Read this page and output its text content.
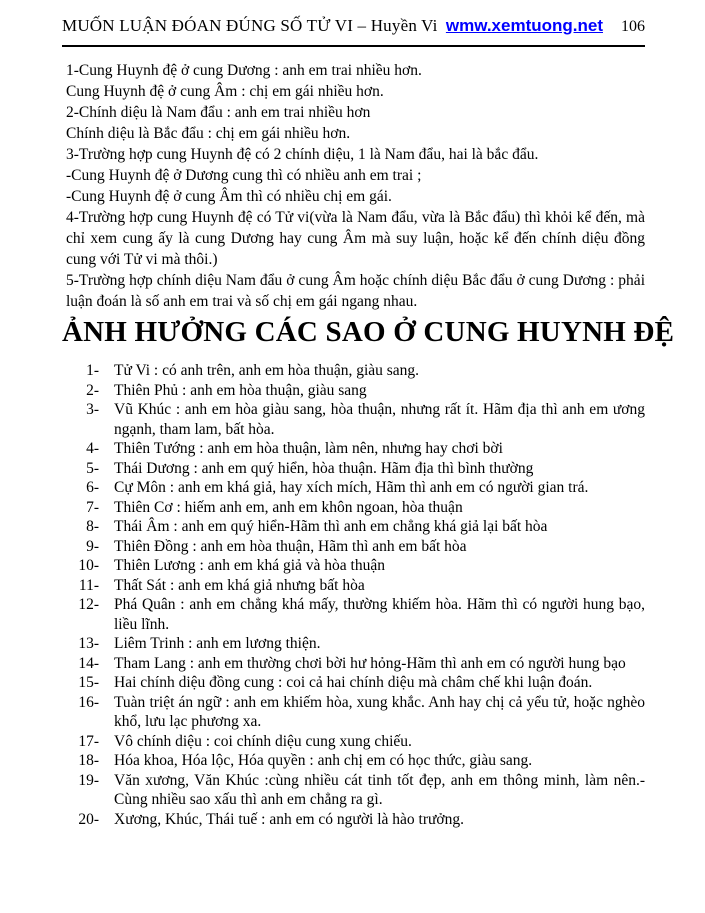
MUỐN LUẬN ĐÓAN ĐÚNG SỐ TỬ VI – Huyền Vi wmw.xemtuong.net 106

1-Cung Huynh đệ ở cung Dương : anh em trai nhiều hơn.

Cung Huynh đệ ở cung Âm : chị em gái nhiều hơn.

2-Chính diệu là Nam đẩu : anh em trai nhiều hơn

Chính diệu là Bắc đẩu : chị em gái nhiều hơn.

3-Trường hợp cung Huynh đệ có 2 chính diệu, 1 là Nam đẩu, hai là bắc đẩu.

-Cung Huynh đệ ở Dương cung thì có nhiều anh em trai ;

-Cung Huynh đệ ở cung Âm thì có nhiều chị em gái.

4-Trường hợp cung Huynh đệ có Tử vi(vừa là Nam đẩu, vừa là Bắc đẩu) thì khỏi kể đến, mà chỉ xem cung ấy là cung Dương hay cung Âm mà suy luận, hoặc kể đến chính diệu đồng cung với Tử vi mà thôi.)

5-Trường hợp chính diệu Nam đẩu ở cung Âm hoặc chính diệu Bắc đẩu ở cung Dương : phải luận đoán là số anh em trai và số chị em gái ngang nhau.

ẢNH HƯỞNG CÁC SAO Ở CUNG HUYNH ĐỆ
1- Tử Vi : có anh trên, anh em hòa thuận, giàu sang.
2- Thiên Phủ : anh em hòa thuận, giàu sang
3- Vũ Khúc : anh em hòa giàu sang, hòa thuận, nhưng rất ít. Hãm địa thì anh em ương ngạnh, tham lam, bất hòa.
4- Thiên Tướng : anh em hòa thuận, làm nên, nhưng hay chơi bời
5- Thái Dương : anh em quý hiển, hòa thuận. Hãm địa thì bình thường
6- Cự Môn : anh em khá giả, hay xích mích, Hãm thì anh em có người gian trá.
7- Thiên Cơ : hiếm anh em, anh em khôn ngoan, hòa thuận
8- Thái Âm : anh em quý hiển-Hãm thì anh em chẳng khá giả lại bất hòa
9- Thiên Đồng : anh em hòa thuận, Hãm thì anh em bất hòa
10- Thiên Lương : anh em khá giả và hòa thuận
11- Thất Sát : anh em khá giả nhưng bất hòa
12- Phá Quân : anh em chẳng khá mấy, thường khiếm hòa. Hãm thì có người hung bạo, liều lĩnh.
13- Liêm Trinh : anh em lương thiện.
14- Tham Lang : anh em thường chơi bời hư hỏng-Hãm thì anh em có người hung bạo
15- Hai chính diệu đồng cung : coi cả hai chính diệu mà châm chế khi luận đoán.
16- Tuàn triệt án ngữ : anh em khiếm hòa, xung khắc. Anh hay chị cả yểu tử, hoặc nghèo khổ, lưu lạc phương xa.
17- Vô chính diệu : coi chính diệu cung xung chiếu.
18- Hóa khoa, Hóa lộc, Hóa quyền : anh chị em có học thức, giàu sang.
19- Văn xương, Văn Khúc :cùng nhiều cát tinh tốt đẹp, anh em thông minh, làm nên.- Cùng nhiều sao xấu thì anh em chẳng ra gì.
20- Xương, Khúc, Thái tuế : anh em có người là hào trưởng.
